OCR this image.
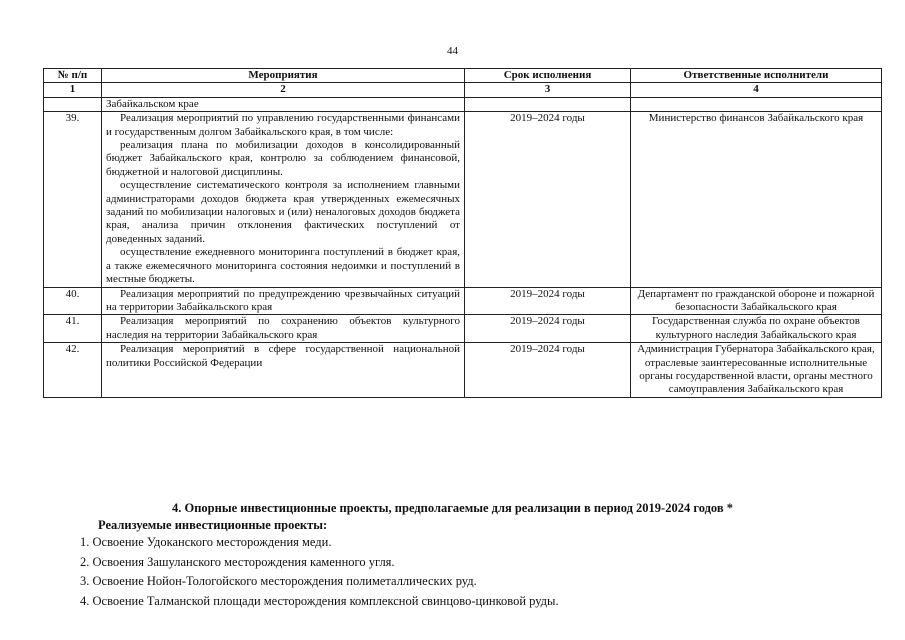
44
№ п/п	Мероприятия	Срок исполнения	Ответственные исполнители
1	2	3	4
	Забайкальском крае		
39.	Реализация мероприятий по управлению государственными финансами и государственным долгом Забайкальского края, в том числе:

реализация плана по мобилизации доходов в консолидированный бюджет Забайкальского края, контролю за соблюдением финансовой, бюджетной и налоговой дисциплины.

осуществление систематического контроля за исполнением главными администраторами доходов бюджета края утвержденных ежемесячных заданий по мобилизации налоговых и (или) неналоговых доходов бюджета края, анализа причин отклонения фактических поступлений от доведенных заданий.

осуществление ежедневного мониторинга поступлений в бюджет края, а также ежемесячного мониторинга состояния недоимки и поступлений в местные бюджеты.	2019–2024 годы	Министерство финансов Забайкальского края
40.	Реализация мероприятий по предупреждению чрезвычайных ситуаций на территории Забайкальского края	2019–2024 годы	Департамент по гражданской обороне и пожарной безопасности Забайкальского края
41.	Реализация мероприятий по сохранению объектов культурного наследия на территории Забайкальского края	2019–2024 годы	Государственная служба по охране объектов культурного наследия Забайкальского края
42.	Реализация мероприятий в сфере государственной национальной политики Российской Федерации	2019–2024 годы	Администрация Губернатора Забайкальского края, отраслевые заинтересованные исполнительные органы государственной власти, органы местного самоуправления Забайкальского края
4. Опорные инвестиционные проекты, предполагаемые для реализации в период 2019-2024 годов *
Реализуемые инвестиционные проекты:
1. Освоение Удоканского месторождения меди.
2. Освоения Зашуланского месторождения каменного угля.
3. Освоение Нойон-Тологойского месторождения полиметаллических руд.
4. Освоение Талманской площади месторождения комплексной свинцово-цинковой руды.
